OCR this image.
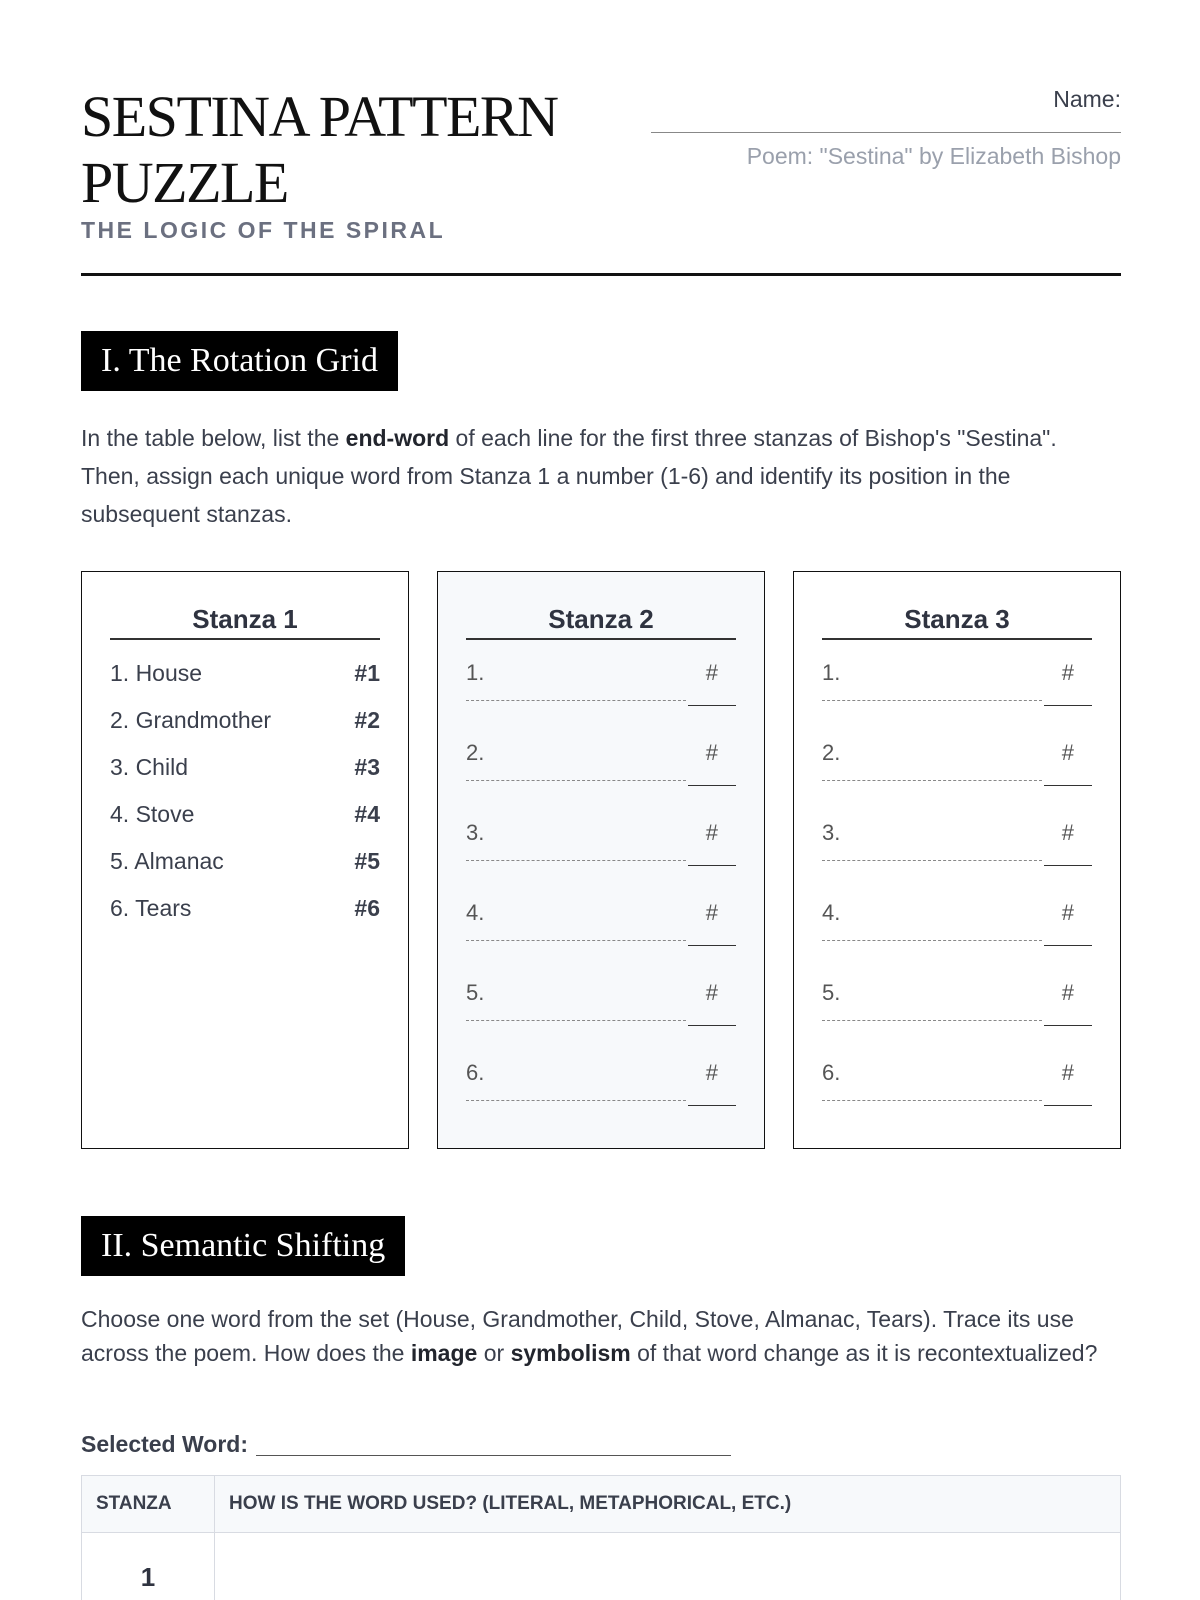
SESTINA PATTERN PUZZLE
THE LOGIC OF THE SPIRAL
Name:
Poem: "Sestina" by Elizabeth Bishop
I. The Rotation Grid
In the table below, list the end-word of each line for the first three stanzas of Bishop's "Sestina". Then, assign each unique word from Stanza 1 a number (1-6) and identify its position in the subsequent stanzas.
Stanza 1
1. House	#1
2. Grandmother	#2
3. Child	#3
4. Stove	#4
5. Almanac	#5
6. Tears	#6
Stanza 2
1.	#
2.	#
3.	#
4.	#
5.	#
6.	#
Stanza 3
1.	#
2.	#
3.	#
4.	#
5.	#
6.	#
II. Semantic Shifting
Choose one word from the set (House, Grandmother, Child, Stove, Almanac, Tears). Trace its use across the poem. How does the image or symbolism of that word change as it is recontextualized?
Selected Word:
STANZA	HOW IS THE WORD USED? (LITERAL, METAPHORICAL, ETC.)
1	
